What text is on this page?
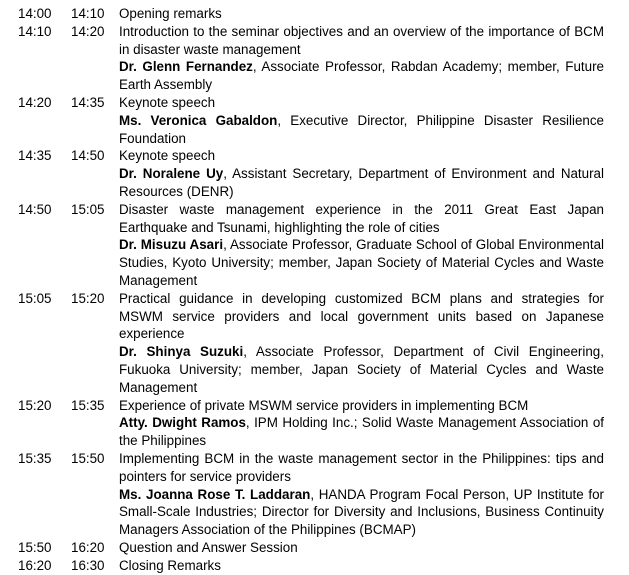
14:00	14:10	Opening remarks
14:10	14:20	Introduction to the seminar objectives and an overview of the importance of BCM in disaster waste management
Dr. Glenn Fernandez, Associate Professor, Rabdan Academy; member, Future Earth Assembly
14:20	14:35	Keynote speech
Ms. Veronica Gabaldon, Executive Director, Philippine Disaster Resilience Foundation
14:35	14:50	Keynote speech
Dr. Noralene Uy, Assistant Secretary, Department of Environment and Natural Resources (DENR)
14:50	15:05	Disaster waste management experience in the 2011 Great East Japan Earthquake and Tsunami, highlighting the role of cities
Dr. Misuzu Asari, Associate Professor, Graduate School of Global Environmental Studies, Kyoto University; member, Japan Society of Material Cycles and Waste Management
15:05	15:20	Practical guidance in developing customized BCM plans and strategies for MSWM service providers and local government units based on Japanese experience
Dr. Shinya Suzuki, Associate Professor, Department of Civil Engineering, Fukuoka University; member, Japan Society of Material Cycles and Waste Management
15:20	15:35	Experience of private MSWM service providers in implementing BCM
Atty. Dwight Ramos, IPM Holding Inc.; Solid Waste Management Association of the Philippines
15:35	15:50	Implementing BCM in the waste management sector in the Philippines: tips and pointers for service providers
Ms. Joanna Rose T. Laddaran, HANDA Program Focal Person, UP Institute for Small-Scale Industries; Director for Diversity and Inclusions, Business Continuity Managers Association of the Philippines (BCMAP)
15:50	16:20	Question and Answer Session
16:20	16:30	Closing Remarks
